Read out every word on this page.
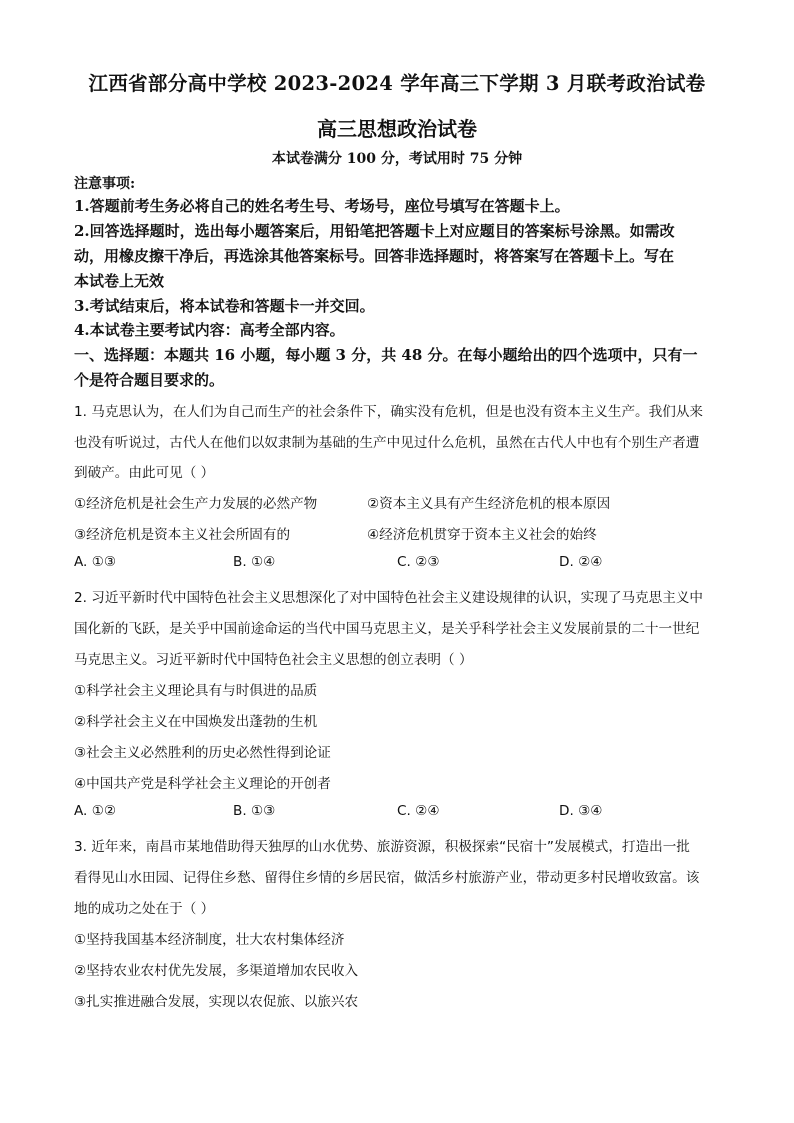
江西省部分高中学校 2023-2024 学年高三下学期 3 月联考政治试卷
高三思想政治试卷
本试卷满分 100 分，考试用时 75 分钟
注意事项:
1.答题前考生务必将自己的姓名考生号、考场号，座位号填写在答题卡上。
2.回答选择题时，选出每小题答案后，用铅笔把答题卡上对应题目的答案标号涂黑。如需改
动，用橡皮擦干净后，再选涂其他答案标号。回答非选择题时，将答案写在答题卡上。写在
本试卷上无效
3.考试结束后，将本试卷和答题卡一并交回。
4.本试卷主要考试内容：高考全部内容。
一、选择题：本题共 16 小题，每小题 3 分，共 48 分。在每小题给出的四个选项中，只有一
个是符合题目要求的。
1. 马克思认为，在人们为自己而生产的社会条件下，确实没有危机，但是也没有资本主义生产。我们从来
也没有听说过，古代人在他们以奴隶制为基础的生产中见过什么危机，虽然在古代人中也有个别生产者遭
到破产。由此可见（ ）
①经济危机是社会生产力发展的必然产物	②资本主义具有产生经济危机的根本原因
③经济危机是资本主义社会所固有的	④经济危机贯穿于资本主义社会的始终
A. ①③	B. ①④	C. ②③	D. ②④
2. 习近平新时代中国特色社会主义思想深化了对中国特色社会主义建设规律的认识，实现了马克思主义中
国化新的飞跃，是关乎中国前途命运的当代中国马克思主义，是关乎科学社会主义发展前景的二十一世纪
马克思主义。习近平新时代中国特色社会主义思想的创立表明（ ）
①科学社会主义理论具有与时俱进的品质
②科学社会主义在中国焕发出蓬勃的生机
③社会主义必然胜利的历史必然性得到论证
④中国共产党是科学社会主义理论的开创者
A. ①②	B. ①③	C. ②④	D. ③④
3. 近年来，南昌市某地借助得天独厚的山水优势、旅游资源，积极探索“民宿十”发展模式，打造出一批
看得见山水田园、记得住乡愁、留得住乡情的乡居民宿，做活乡村旅游产业，带动更多村民增收致富。该
地的成功之处在于（ ）
①坚持我国基本经济制度，壮大农村集体经济
②坚持农业农村优先发展，多渠道增加农民收入
③扎实推进融合发展，实现以农促旅、以旅兴农
